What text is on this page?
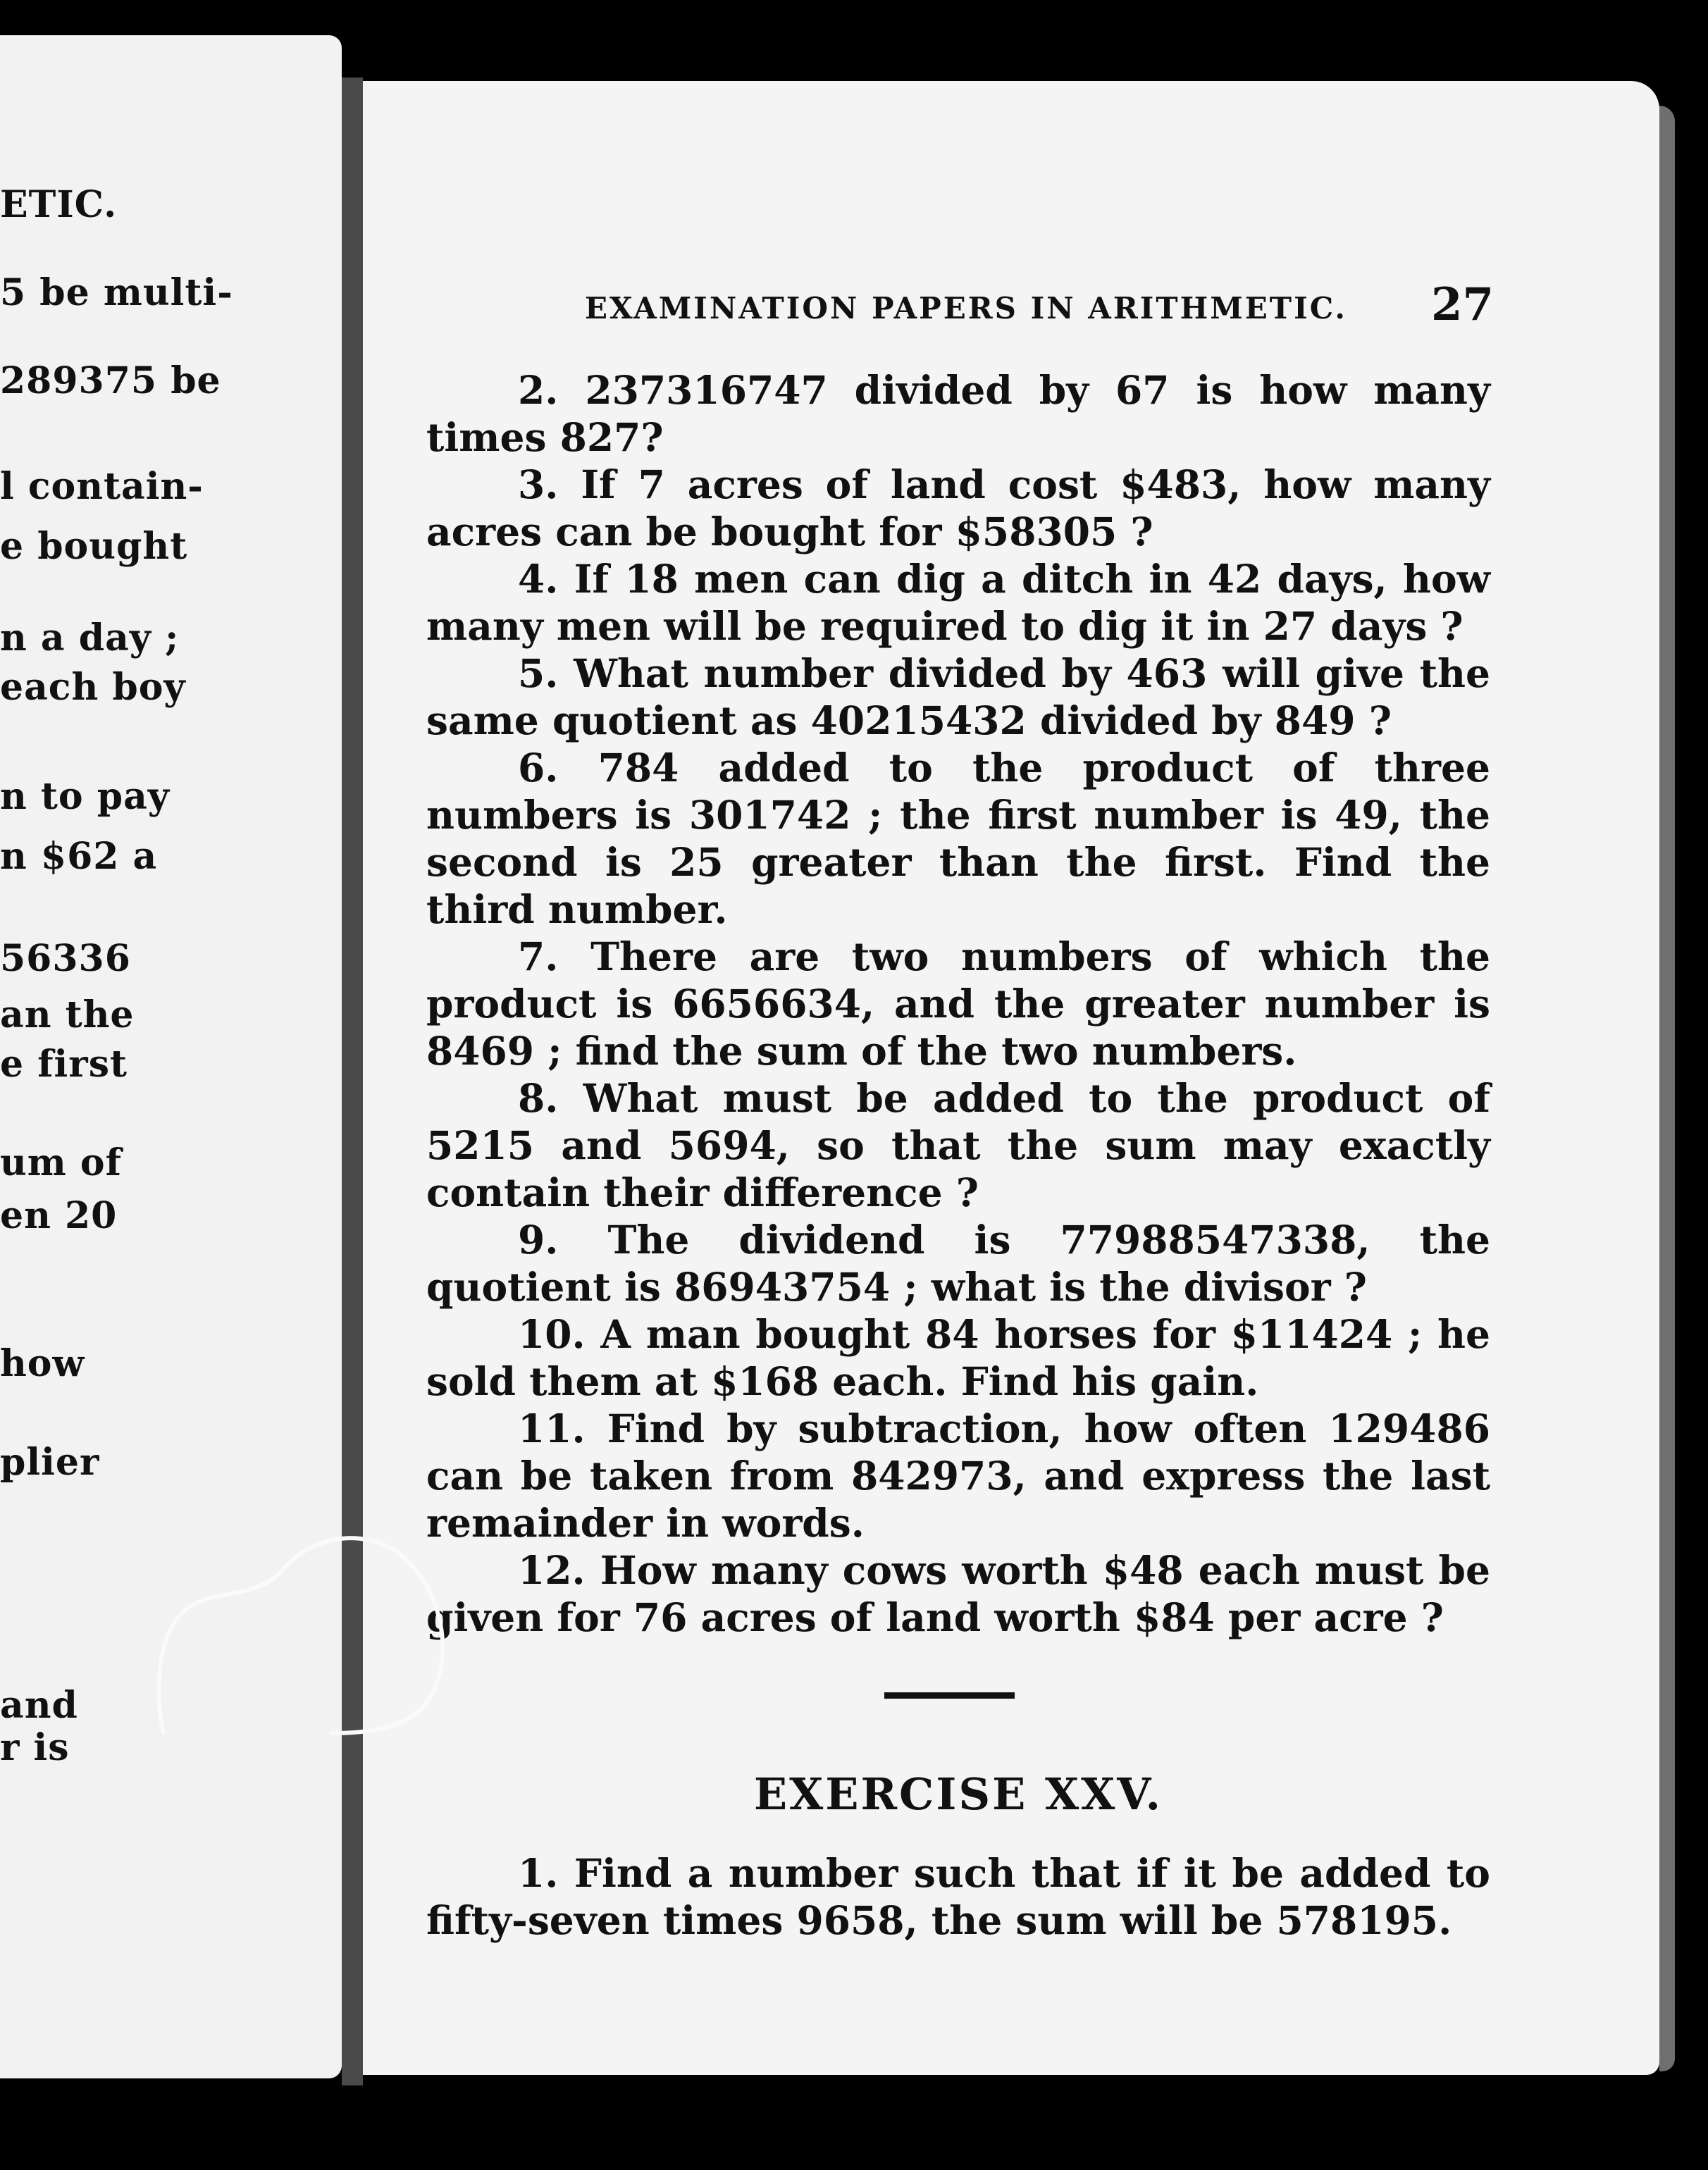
ETIC.
5 be multi-
289375 be
l contain-
e bought
n a day ;
each boy
n to pay
n $62 a
56336
an the
e first
um of
en 20
how
plier
and
r is
EXAMINATION PAPERS IN ARITHMETIC. 27

2. 237316747 divided by 67 is how many times 827?

3. If 7 acres of land cost $483, how many acres can be bought for $58305 ?

4. If 18 men can dig a ditch in 42 days, how many men will be required to dig it in 27 days ?

5. What number divided by 463 will give the same quotient as 40215432 divided by 849 ?

6. 784 added to the product of three numbers is 301742 ; the first number is 49, the second is 25 greater than the first. Find the third number.

7. There are two numbers of which the product is 6656634, and the greater number is 8469 ; find the sum of the two numbers.

8. What must be added to the product of 5215 and 5694, so that the sum may exactly contain their difference ?

9. The dividend is 77988547338, the quotient is 86943754 ; what is the divisor ?

10. A man bought 84 horses for $11424 ; he sold them at $168 each. Find his gain.

11. Find by subtraction, how often 129486 can be taken from 842973, and express the last remainder in words.

12. How many cows worth $48 each must be given for 76 acres of land worth $84 per acre ?

EXERCISE XXV.

1. Find a number such that if it be added to fifty-seven times 9658, the sum will be 578195.
